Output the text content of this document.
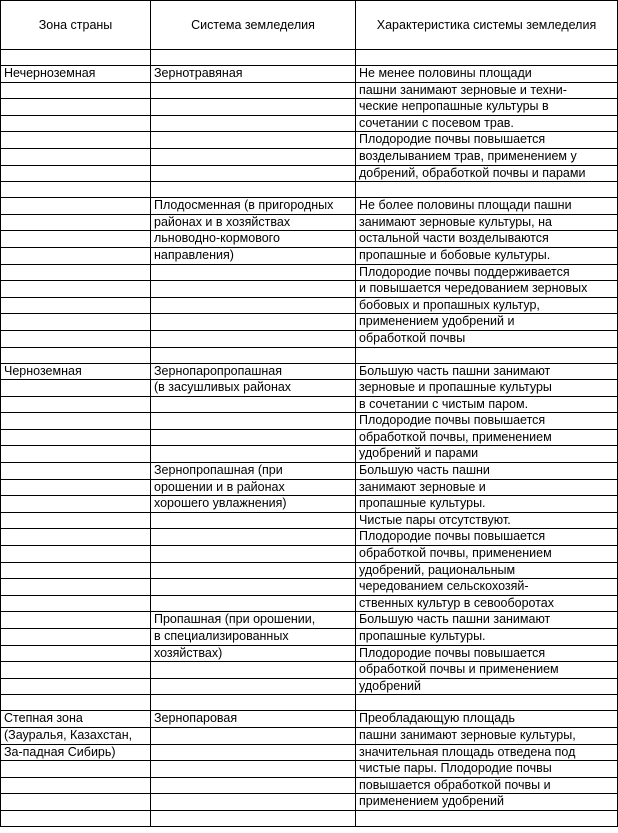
Зона страны	Система земледелия	Характеристика системы земледелия

Нечерноземная	Зернотравяная	Не менее половины площади
		пашни занимают зерновые и техни-
		ческие непропашные культуры в
		сочетании с посевом трав.
		Плодородие почвы повышается
		возделыванием трав, применением у
		добрений, обработкой почвы и парами

	Плодосменная (в пригородных	Не более половины площади пашни
	районах и в хозяйствах	занимают зерновые культуры, на
	льноводно-кормового	остальной части возделываются
	направления)	пропашные и бобовые культуры.
		Плодородие почвы поддерживается
		и повышается чередованием зерновых
		бобовых и пропашных культур,
		применением удобрений и
		обработкой почвы

Черноземная	Зернопаропропашная	Большую часть пашни занимают
	(в засушливых районах	зерновые и пропашные культуры
		в сочетании с чистым паром.
		Плодородие почвы повышается
		обработкой почвы, применением
		удобрений и парами
	Зернопропашная (при	Большую часть пашни
	орошении и в районах	занимают зерновые и
	хорошего увлажнения)	пропашные культуры.
		Чистые пары отсутствуют.
		Плодородие почвы повышается
		обработкой почвы, применением
		удобрений, рациональным
		чередованием сельскохозяй-
		ственных культур в севооборотах
	Пропашная (при орошении,	Большую часть пашни занимают
	в специализированных	пропашные культуры.
	хозяйствах)	Плодородие почвы повышается
		обработкой почвы и применением
		удобрений

Степная зона	Зернопаровая	Преобладающую площадь
(Зауралья, Казахстан,		пашни занимают зерновые культуры,
За-падная Сибирь)		значительная площадь отведена под
		чистые пары. Плодородие почвы
		повышается обработкой почвы и
		применением удобрений
